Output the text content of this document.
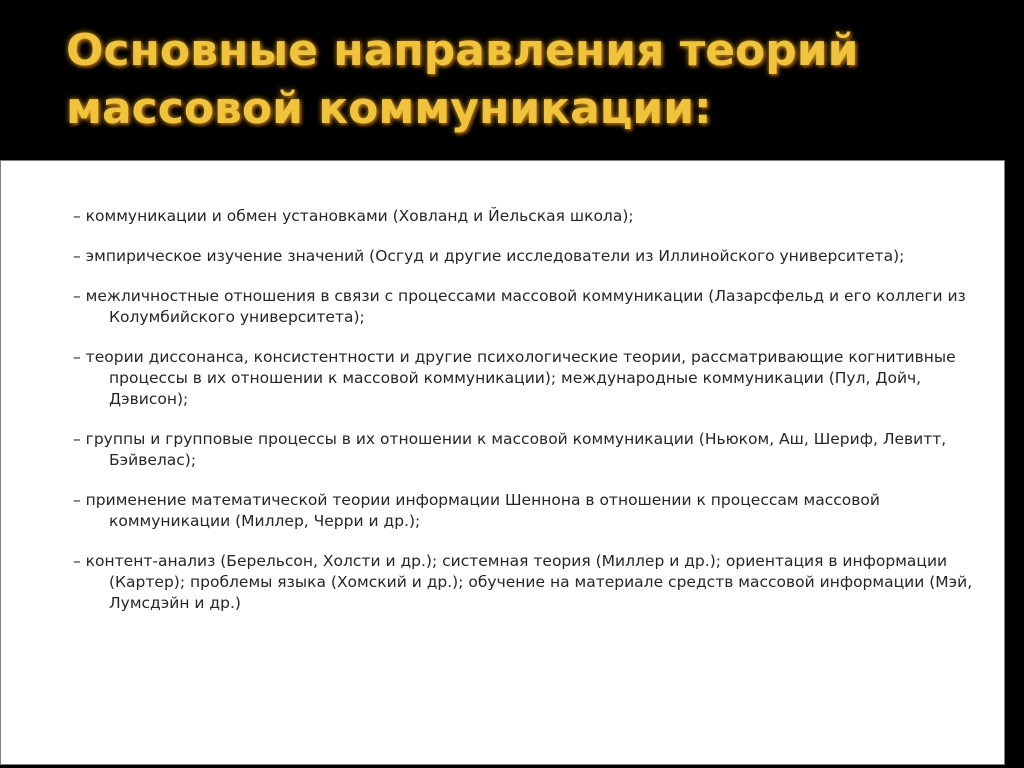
Основные направления теорий
массовой коммуникации:
– коммуникации и обмен установками (Ховланд и Йельская школа);
– эмпирическое изучение значений (Осгуд и другие исследователи из Иллинойского университета);
– межличностные отношения в связи с процессами массовой коммуникации (Лазарсфельд и его коллеги из Колумбийского университета);
– теории диссонанса, консистентности и другие психологические теории, рассматривающие когнитивные процессы в их отношении к массовой коммуникации); международные коммуникации (Пул, Дойч, Дэвисон);
– группы и групповые процессы в их отношении к массовой коммуникации (Ньюком, Аш, Шериф, Левитт, Бэйвелас);
– применение математической теории информации Шеннона в отношении к процессам массовой коммуникации (Миллер, Черри и др.);
– контент-анализ (Берельсон, Холсти и др.); системная теория (Миллер и др.); ориентация в информации (Картер); проблемы языка (Хомский и др.); обучение на материале средств массовой информации (Мэй, Лумсдэйн и др.)
